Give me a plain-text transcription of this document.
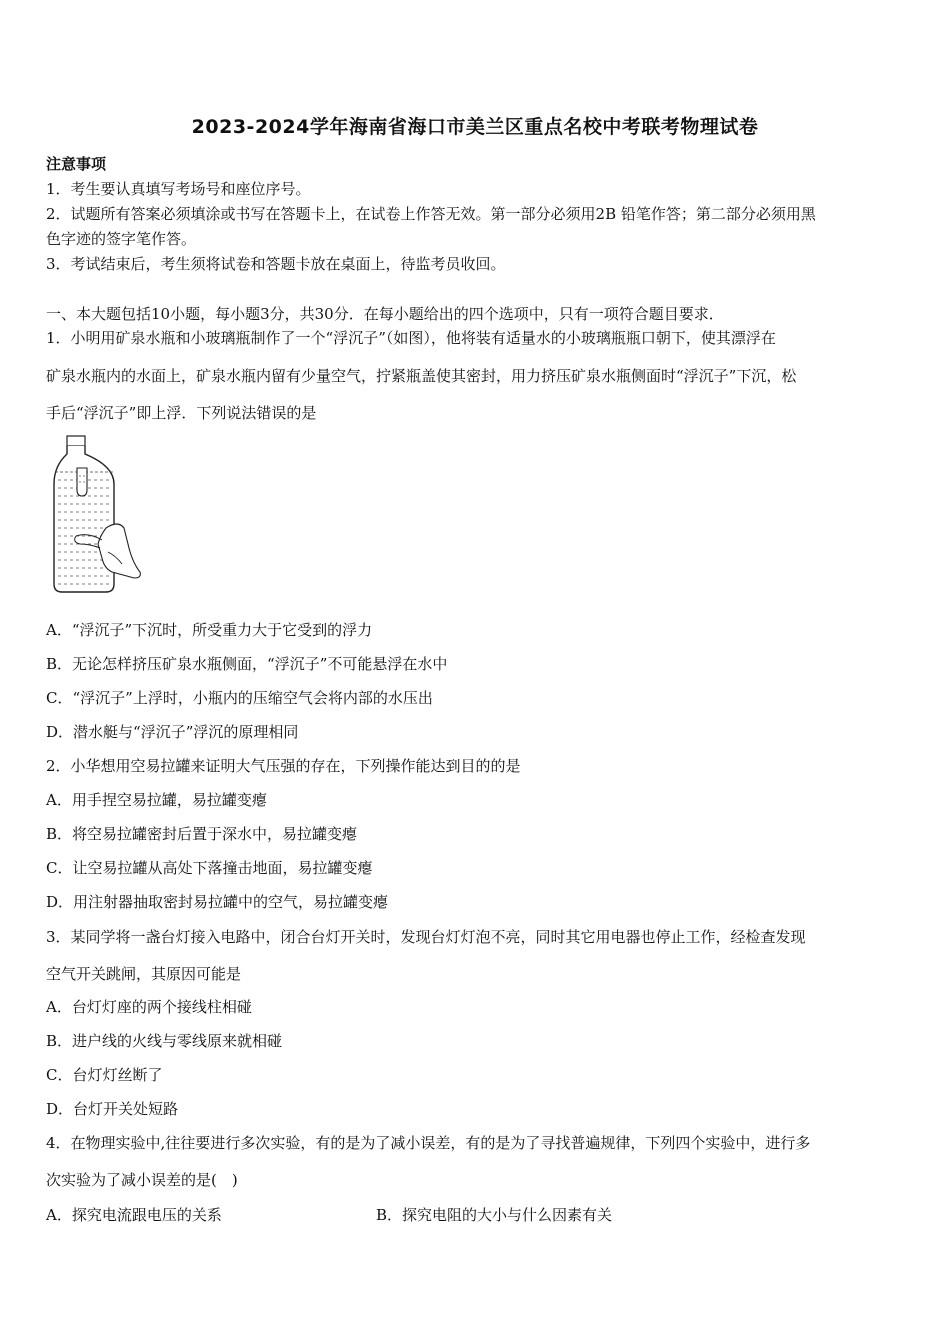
2023-2024学年海南省海口市美兰区重点名校中考联考物理试卷
注意事项
1．考生要认真填写考场号和座位序号。
2．试题所有答案必须填涂或书写在答题卡上，在试卷上作答无效。第一部分必须用2B 铅笔作答；第二部分必须用黑
色字迹的签字笔作答。
3．考试结束后，考生须将试卷和答题卡放在桌面上，待监考员收回。
一、本大题包括10小题，每小题3分，共30分．在每小题给出的四个选项中，只有一项符合题目要求．
1．小明用矿泉水瓶和小玻璃瓶制作了一个“浮沉子”（如图），他将装有适量水的小玻璃瓶瓶口朝下，使其漂浮在
矿泉水瓶内的水面上，矿泉水瓶内留有少量空气，拧紧瓶盖使其密封，用力挤压矿泉水瓶侧面时“浮沉子”下沉，松
手后“浮沉子”即上浮．下列说法错误的是
A．“浮沉子”下沉时，所受重力大于它受到的浮力
B．无论怎样挤压矿泉水瓶侧面，“浮沉子”不可能悬浮在水中
C．“浮沉子”上浮时，小瓶内的压缩空气会将内部的水压出
D．潜水艇与“浮沉子”浮沉的原理相同
2．小华想用空易拉罐来证明大气压强的存在，下列操作能达到目的的是
A．用手捏空易拉罐，易拉罐变瘪
B．将空易拉罐密封后置于深水中，易拉罐变瘪
C．让空易拉罐从高处下落撞击地面，易拉罐变瘪
D．用注射器抽取密封易拉罐中的空气，易拉罐变瘪
3．某同学将一盏台灯接入电路中，闭合台灯开关时，发现台灯灯泡不亮，同时其它用电器也停止工作，经检查发现
空气开关跳闸，其原因可能是
A．台灯灯座的两个接线柱相碰
B．进户线的火线与零线原来就相碰
C．台灯灯丝断了
D．台灯开关处短路
4．在物理实验中,往往要进行多次实验，有的是为了减小误差，有的是为了寻找普遍规律，下列四个实验中，进行多
次实验为了减小误差的是(　)
A．探究电流跟电压的关系	B．探究电阻的大小与什么因素有关
